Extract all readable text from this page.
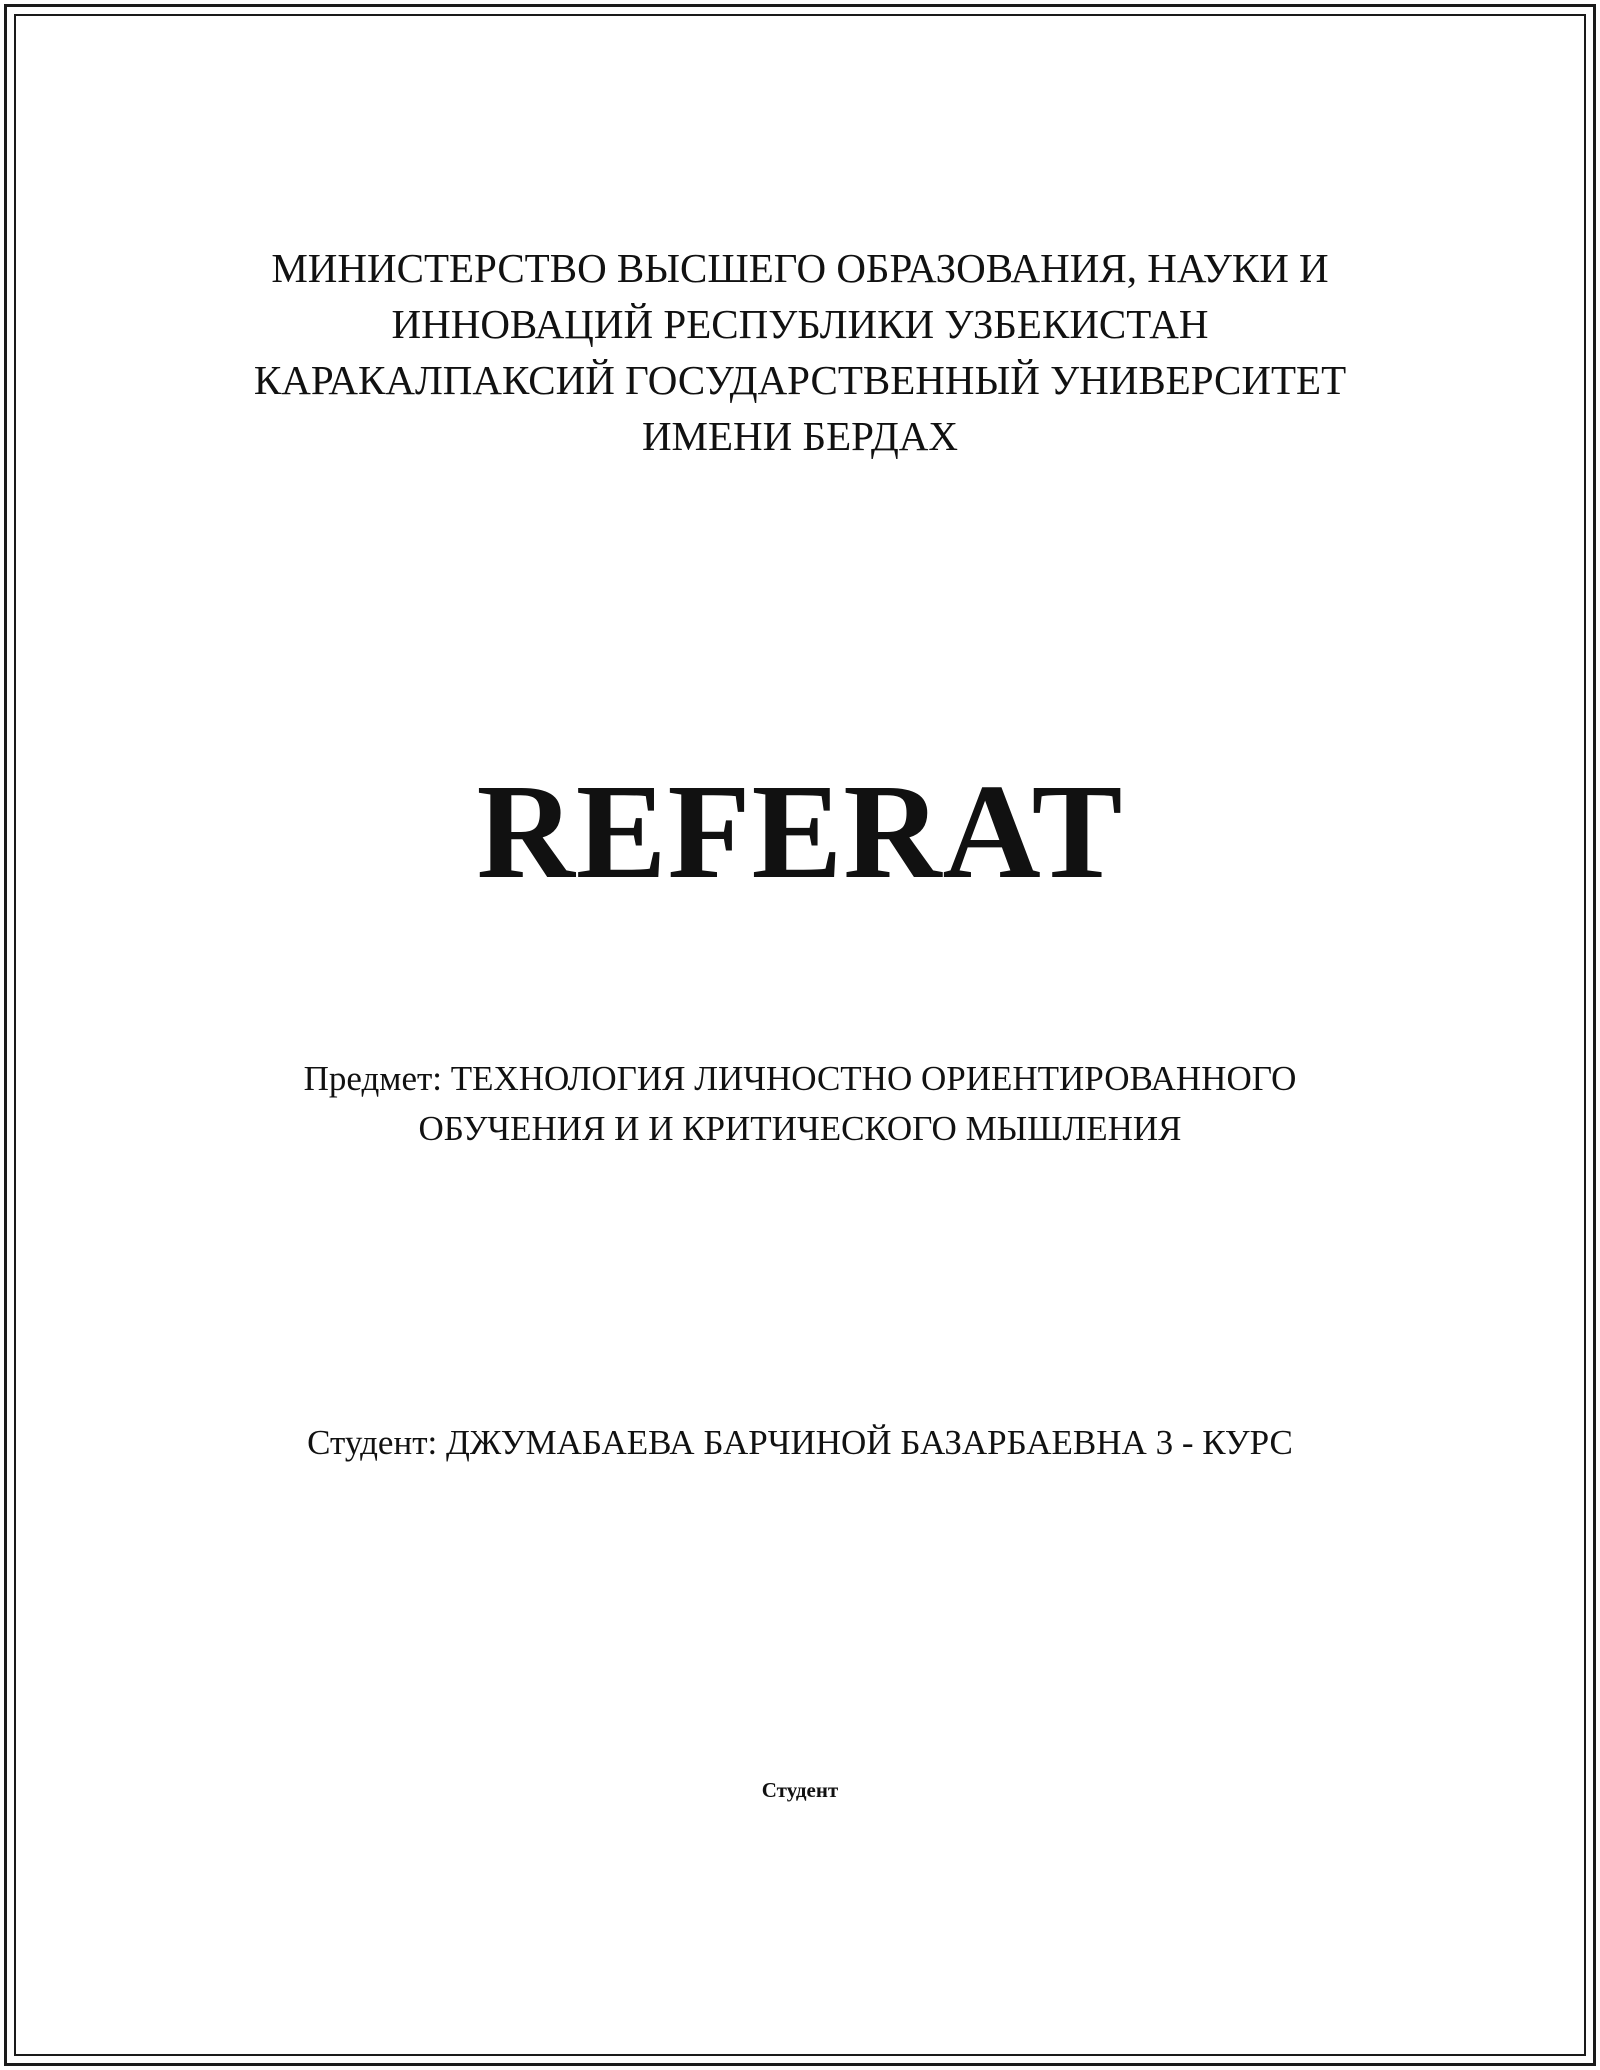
МИНИСТЕРСТВО ВЫСШЕГО ОБРАЗОВАНИЯ, НАУКИ И
ИННОВАЦИЙ РЕСПУБЛИКИ УЗБЕКИСТАН
КАРАКАЛПАКСИЙ ГОСУДАРСТВЕННЫЙ УНИВЕРСИТЕТ
ИМЕНИ БЕРДАХ
REFERAT
Предмет: ТЕХНОЛОГИЯ ЛИЧНОСТНО ОРИЕНТИРОВАННОГО
ОБУЧЕНИЯ И И КРИТИЧЕСКОГО МЫШЛЕНИЯ
Студент: ДЖУМАБАЕВА БАРЧИНОЙ БАЗАРБАЕВНА 3 - КУРС
Студент
